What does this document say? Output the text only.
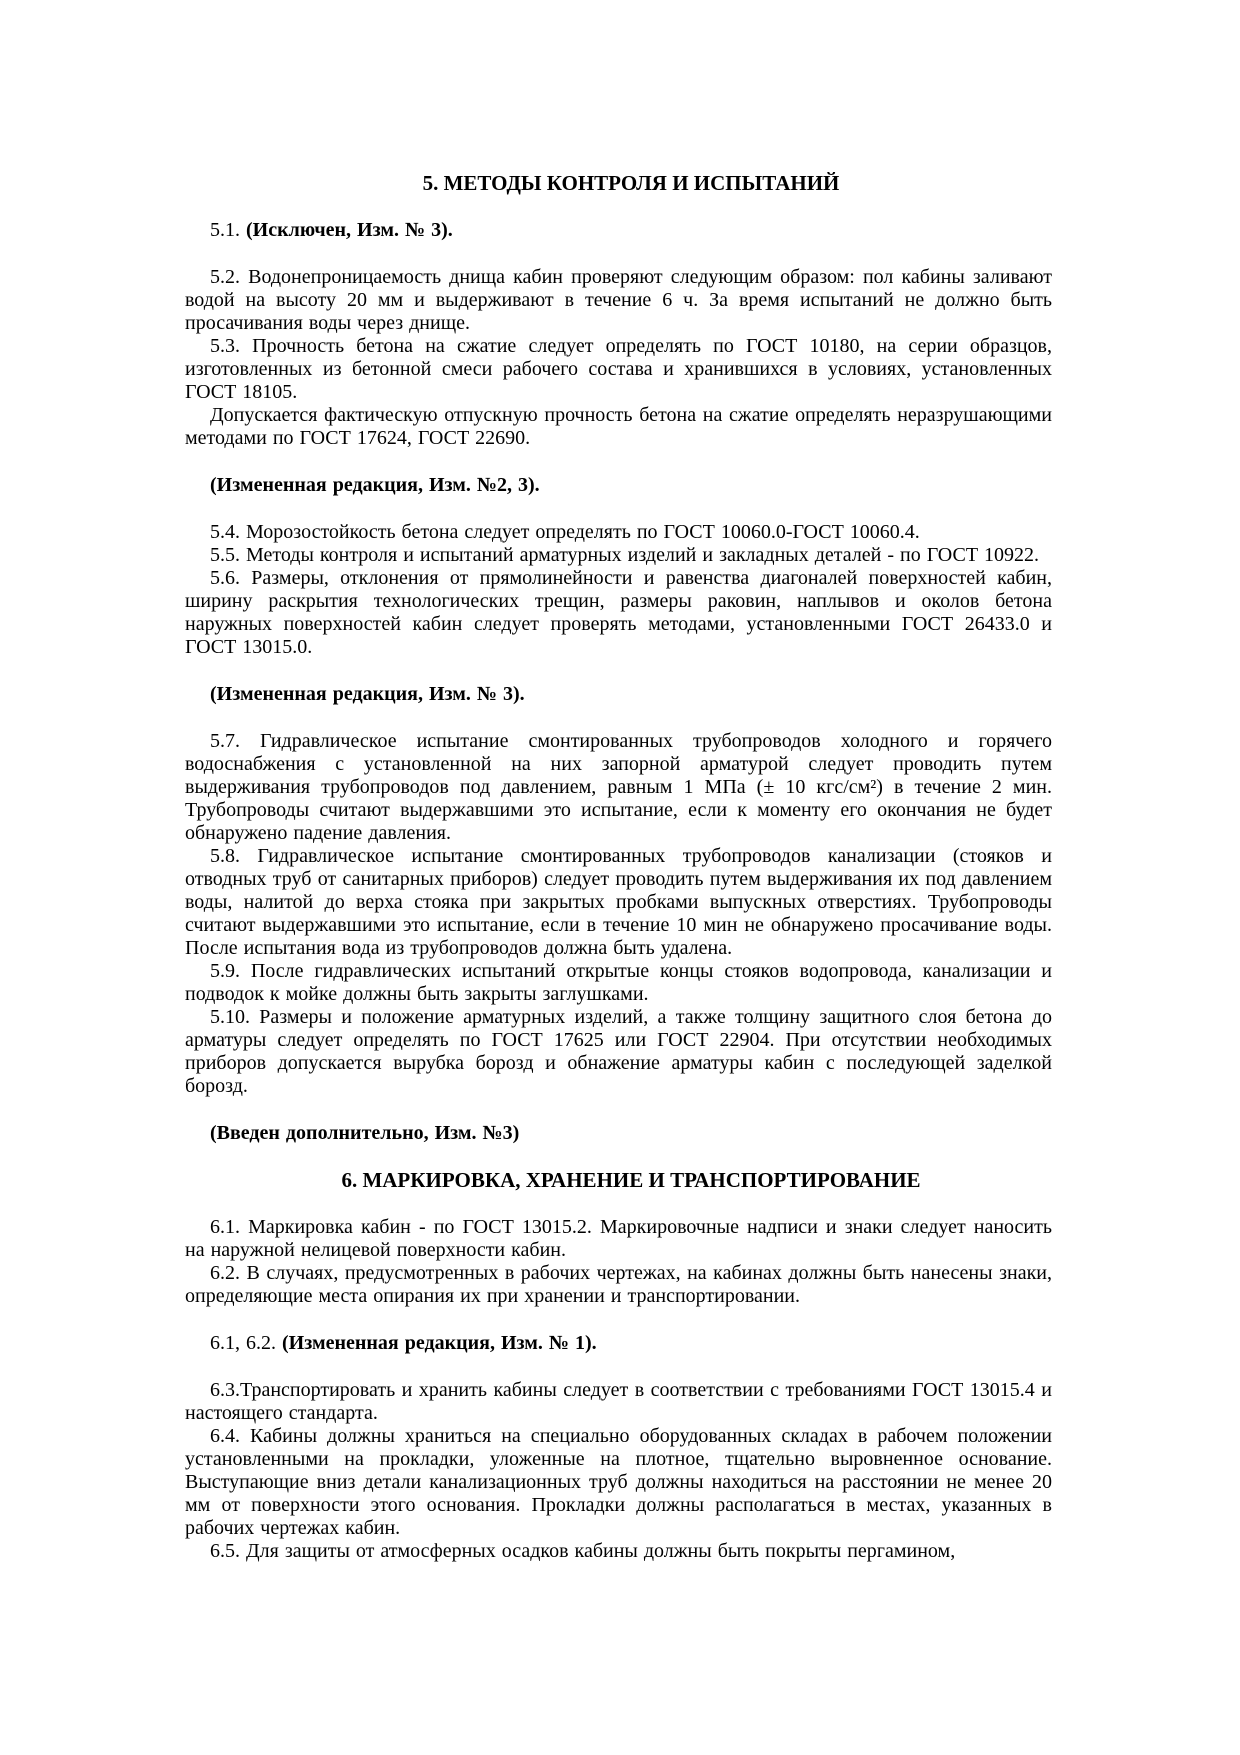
5. МЕТОДЫ КОНТРОЛЯ И ИСПЫТАНИЙ

5.1. (Исключен, Изм. № 3).

5.2. Водонепроницаемость днища кабин проверяют следующим образом: пол кабины заливают водой на высоту 20 мм и выдерживают в течение 6 ч. За время испытаний не должно быть просачивания воды через днище.

5.3. Прочность бетона на сжатие следует определять по ГОСТ 10180, на серии образцов, изготовленных из бетонной смеси рабочего состава и хранившихся в условиях, установленных ГОСТ 18105.

Допускается фактическую отпускную прочность бетона на сжатие определять неразрушающими методами по ГОСТ 17624, ГОСТ 22690.

(Измененная редакция, Изм. №2, 3).

5.4. Морозостойкость бетона следует определять по ГОСТ 10060.0-ГОСТ 10060.4.

5.5. Методы контроля и испытаний арматурных изделий и закладных деталей - по ГОСТ 10922.

5.6. Размеры, отклонения от прямолинейности и равенства диагоналей поверхностей кабин, ширину раскрытия технологических трещин, размеры раковин, наплывов и околов бетона наружных поверхностей кабин следует проверять методами, установленными ГОСТ 26433.0 и ГОСТ 13015.0.

(Измененная редакция, Изм. № 3).

5.7. Гидравлическое испытание смонтированных трубопроводов холодного и горячего водоснабжения с установленной на них запорной арматурой следует проводить путем выдерживания трубопроводов под давлением, равным 1 МПа (± 10 кгс/см²) в течение 2 мин. Трубопроводы считают выдержавшими это испытание, если к моменту его окончания не будет обнаружено падение давления.

5.8. Гидравлическое испытание смонтированных трубопроводов канализации (стояков и отводных труб от санитарных приборов) следует проводить путем выдерживания их под давлением воды, налитой до верха стояка при закрытых пробками выпускных отверстиях. Трубопроводы считают выдержавшими это испытание, если в течение 10 мин не обнаружено просачивание воды. После испытания вода из трубопроводов должна быть удалена.

5.9. После гидравлических испытаний открытые концы стояков водопровода, канализации и подводок к мойке должны быть закрыты заглушками.

5.10. Размеры и положение арматурных изделий, а также толщину защитного слоя бетона до арматуры следует определять по ГОСТ 17625 или ГОСТ 22904. При отсутствии необходимых приборов допускается вырубка борозд и обнажение арматуры кабин с последующей заделкой борозд.

(Введен дополнительно, Изм. №3)

6. МАРКИРОВКА, ХРАНЕНИЕ И ТРАНСПОРТИРОВАНИЕ

6.1. Маркировка кабин - по ГОСТ 13015.2. Маркировочные надписи и знаки следует наносить на наружной нелицевой поверхности кабин.

6.2. В случаях, предусмотренных в рабочих чертежах, на кабинах должны быть нанесены знаки, определяющие места опирания их при хранении и транспортировании.

6.1, 6.2. (Измененная редакция, Изм. № 1).

6.3.Транспортировать и хранить кабины следует в соответствии с требованиями ГОСТ 13015.4 и настоящего стандарта.

6.4. Кабины должны храниться на специально оборудованных складах в рабочем положении установленными на прокладки, уложенные на плотное, тщательно выровненное основание. Выступающие вниз детали канализационных труб должны находиться на расстоянии не менее 20 мм от поверхности этого основания. Прокладки должны располагаться в местах, указанных в рабочих чертежах кабин.

6.5. Для защиты от атмосферных осадков кабины должны быть покрыты пергамином,
